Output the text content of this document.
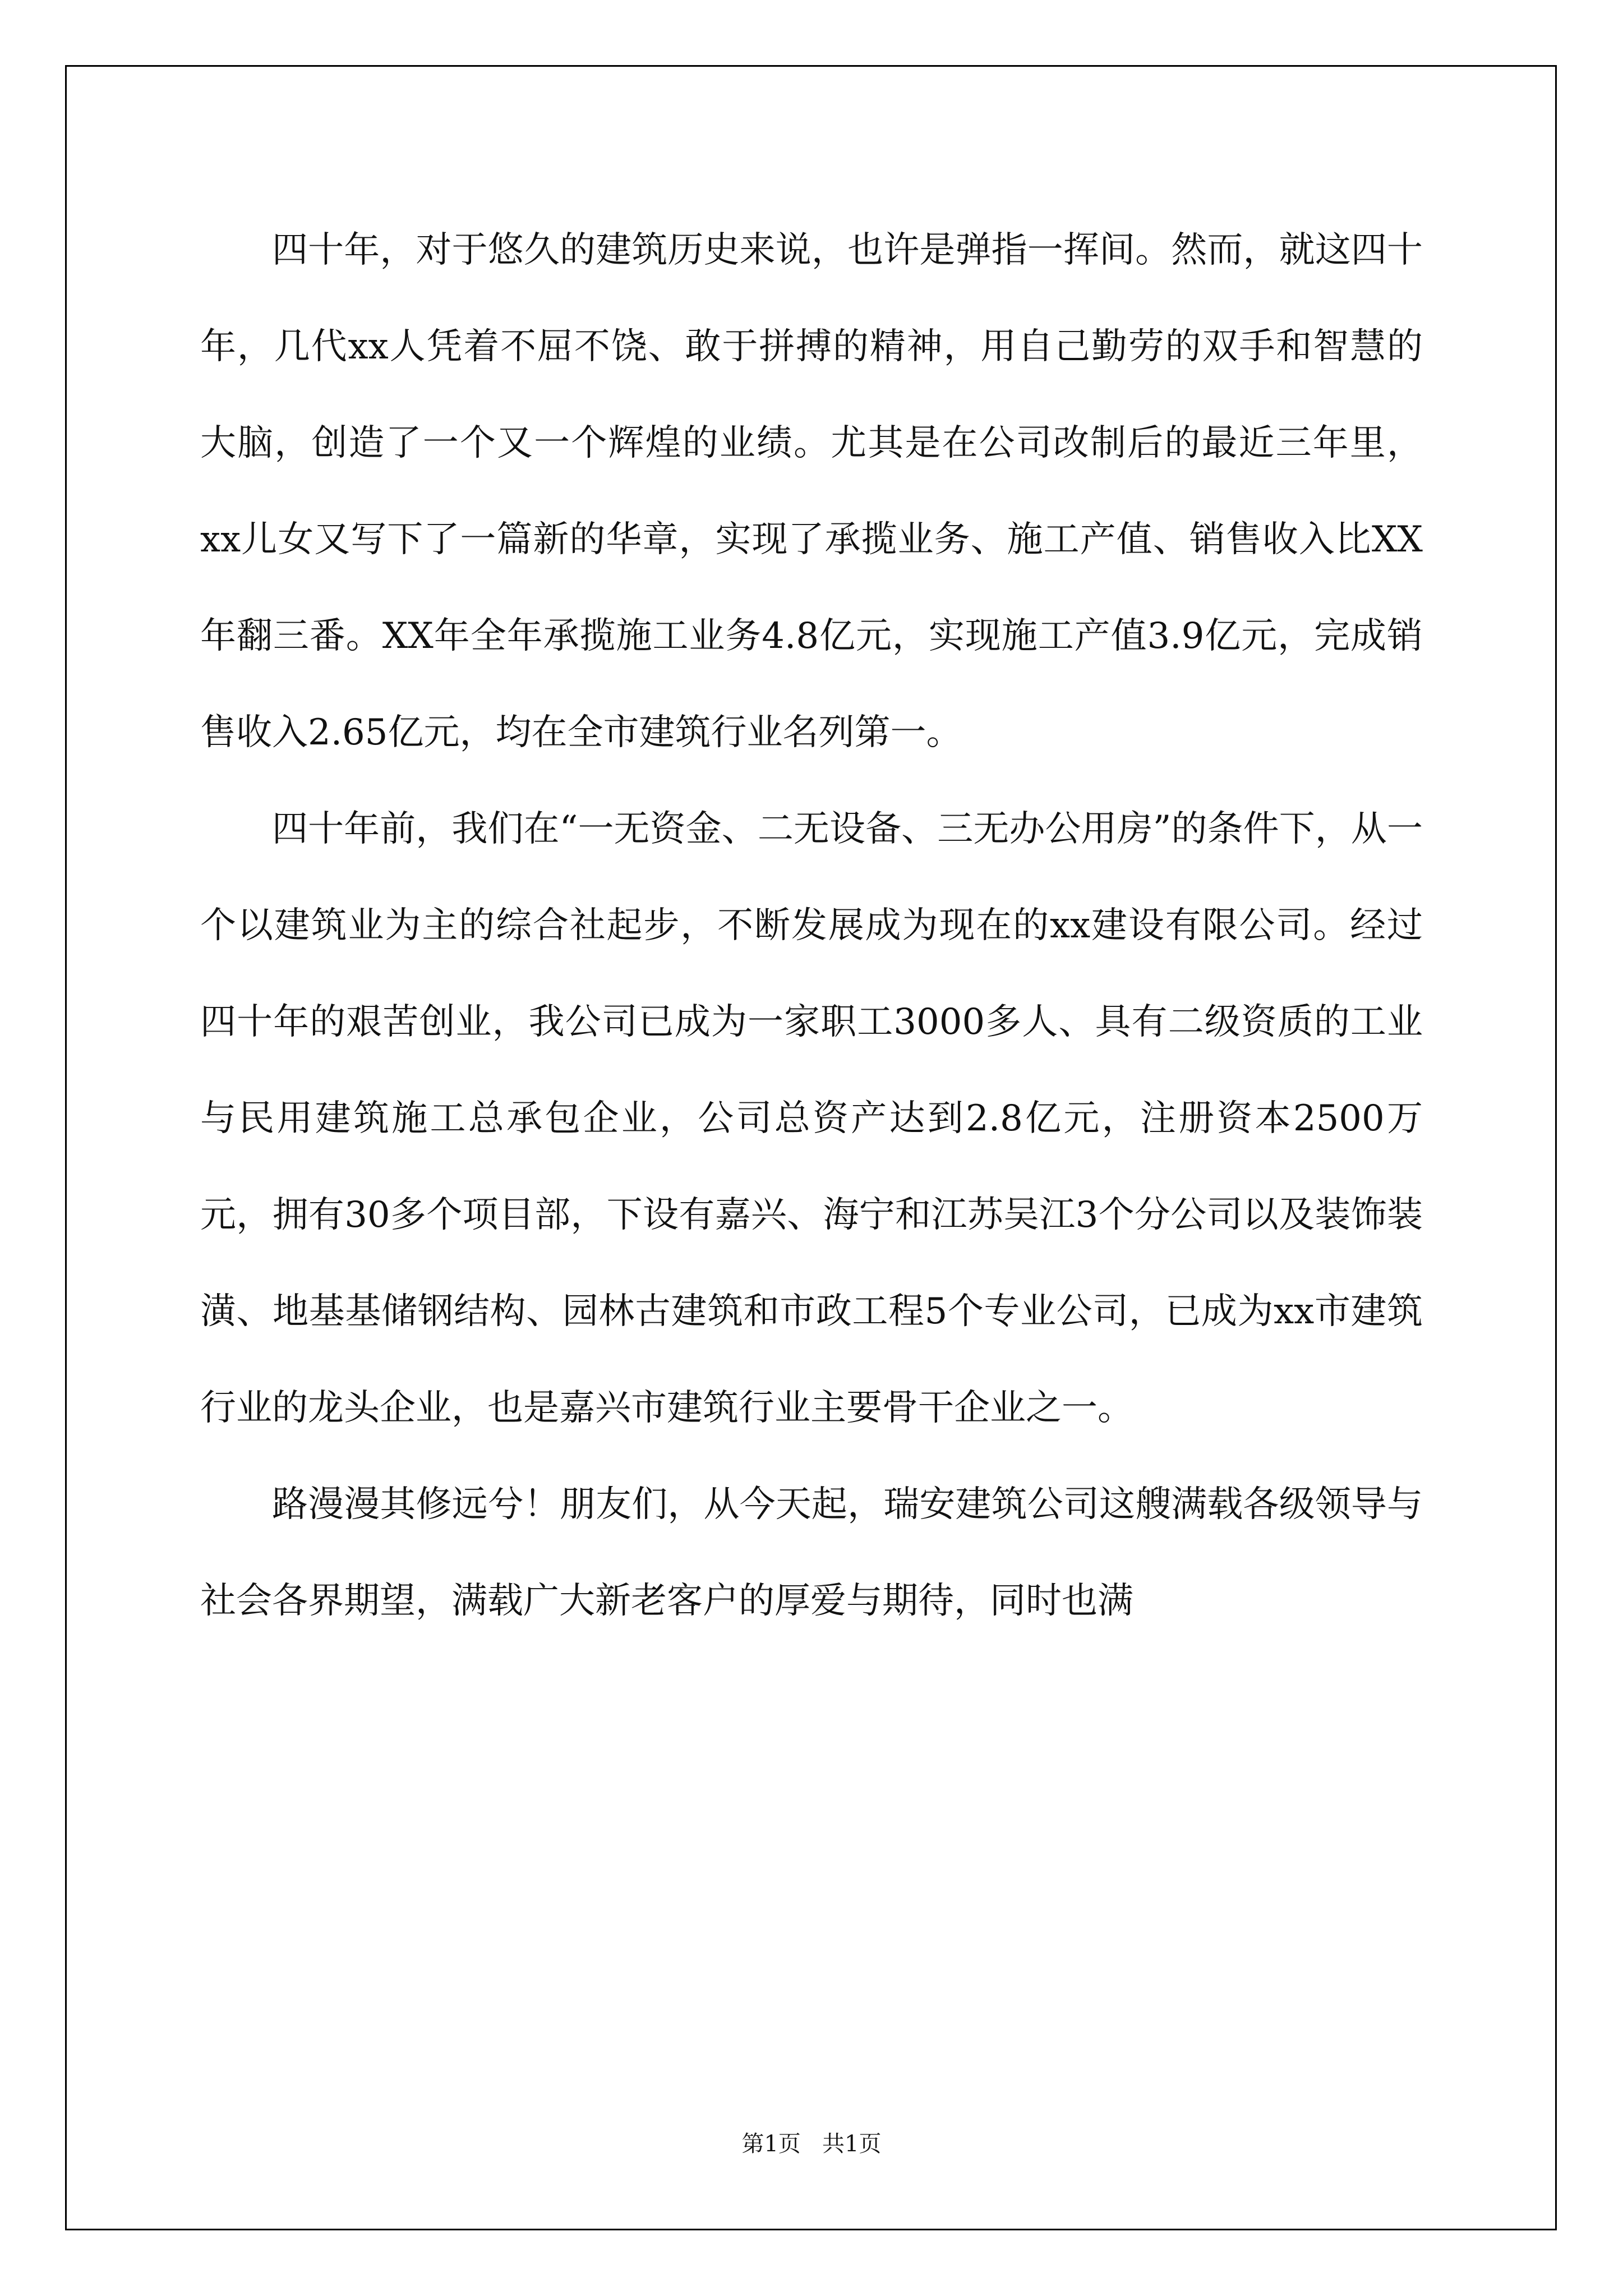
四十年，对于悠久的建筑历史来说，也许是弹指一挥间。然而，就这四十年，几代xx人凭着不屈不饶、敢于拼搏的精神，用自己勤劳的双手和智慧的大脑，创造了一个又一个辉煌的业绩。尤其是在公司改制后的最近三年里，xx儿女又写下了一篇新的华章，实现了承揽业务、施工产值、销售收入比XX年翻三番。XX年全年承揽施工业务4.8亿元，实现施工产值3.9亿元，完成销售收入2.65亿元，均在全市建筑行业名列第一。

四十年前，我们在“一无资金、二无设备、三无办公用房”的条件下，从一个以建筑业为主的综合社起步，不断发展成为现在的xx建设有限公司。经过四十年的艰苦创业，我公司已成为一家职工3000多人、具有二级资质的工业与民用建筑施工总承包企业，公司总资产达到2.8亿元，注册资本2500万元，拥有30多个项目部，下设有嘉兴、海宁和江苏吴江3个分公司以及装饰装潢、地基基储钢结构、园林古建筑和市政工程5个专业公司，已成为xx市建筑行业的龙头企业，也是嘉兴市建筑行业主要骨干企业之一。

路漫漫其修远兮！朋友们，从今天起，瑞安建筑公司这艘满载各级领导与社会各界期望，满载广大新老客户的厚爱与期待，同时也满

第1页   共1页
